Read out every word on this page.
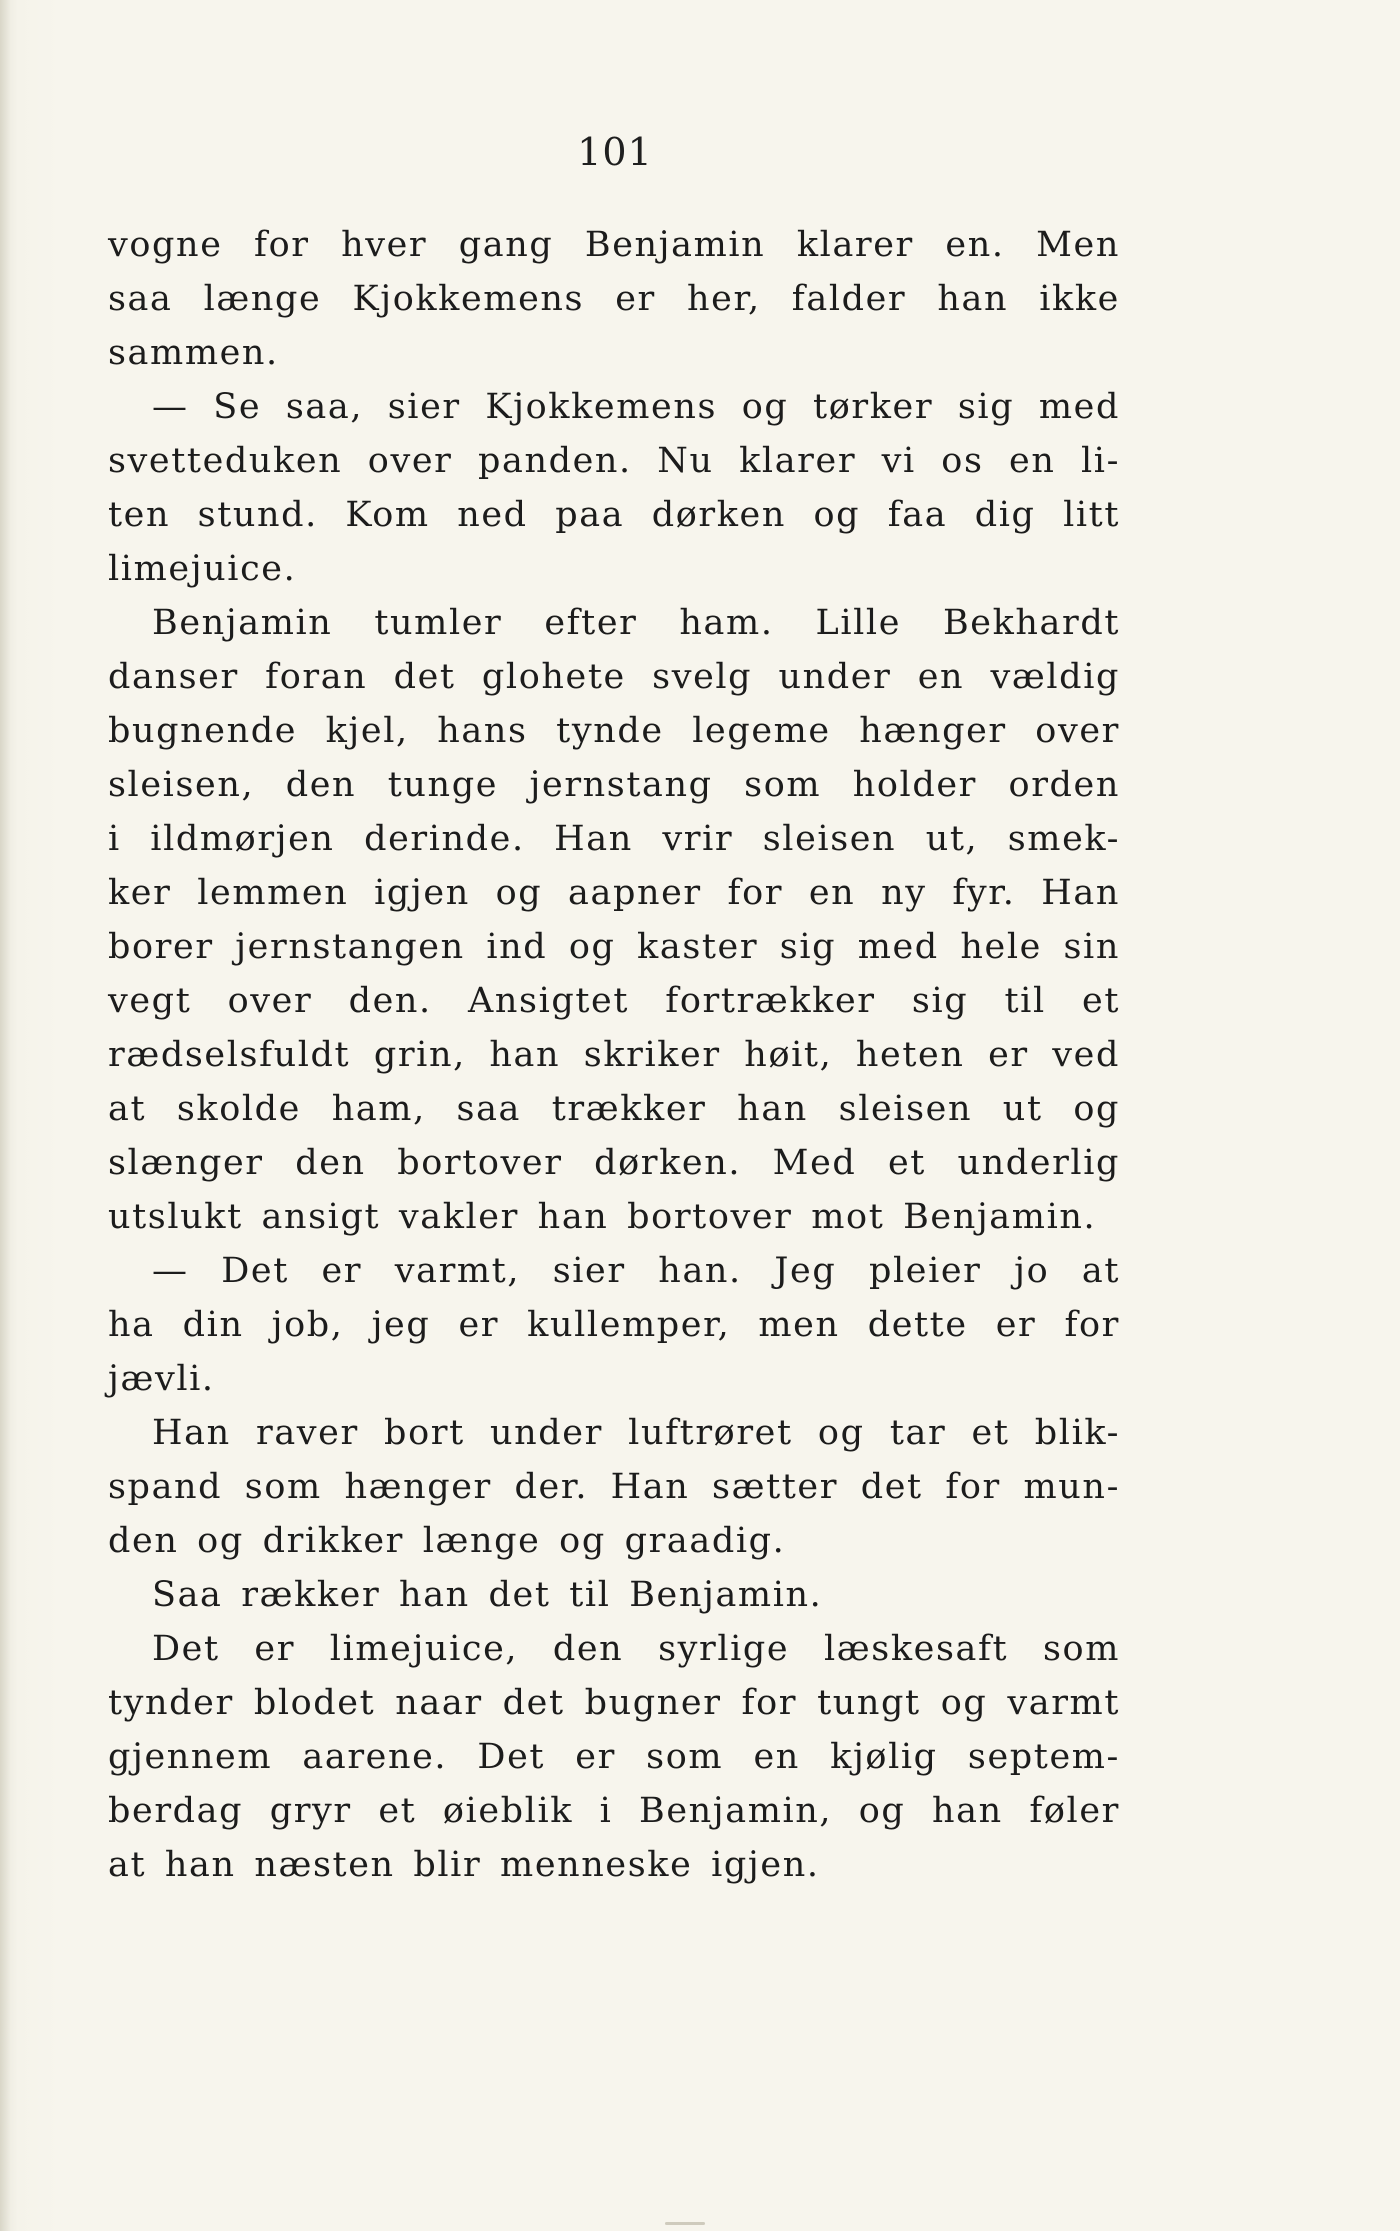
101
vogne for hver gang Benjamin klarer en. Men
saa længe Kjokkemens er her, falder han ikke
sammen.
— Se saa, sier Kjokkemens og tørker sig med
svetteduken over panden. Nu klarer vi os en li-
ten stund. Kom ned paa dørken og faa dig litt
limejuice.
Benjamin tumler efter ham. Lille Bekhardt
danser foran det glohete svelg under en vældig
bugnende kjel, hans tynde legeme hænger over
sleisen, den tunge jernstang som holder orden
i ildmørjen derinde. Han vrir sleisen ut, smek-
ker lemmen igjen og aapner for en ny fyr. Han
borer jernstangen ind og kaster sig med hele sin
vegt over den. Ansigtet fortrækker sig til et
rædselsfuldt grin, han skriker høit, heten er ved
at skolde ham, saa trækker han sleisen ut og
slænger den bortover dørken. Med et underlig
utslukt ansigt vakler han bortover mot Benjamin.
— Det er varmt, sier han. Jeg pleier jo at
ha din job, jeg er kullemper, men dette er for
jævli.
Han raver bort under luftrøret og tar et blik-
spand som hænger der. Han sætter det for mun-
den og drikker længe og graadig.
Saa rækker han det til Benjamin.
Det er limejuice, den syrlige læskesaft som
tynder blodet naar det bugner for tungt og varmt
gjennem aarene. Det er som en kjølig septem-
berdag gryr et øieblik i Benjamin, og han føler
at han næsten blir menneske igjen.
